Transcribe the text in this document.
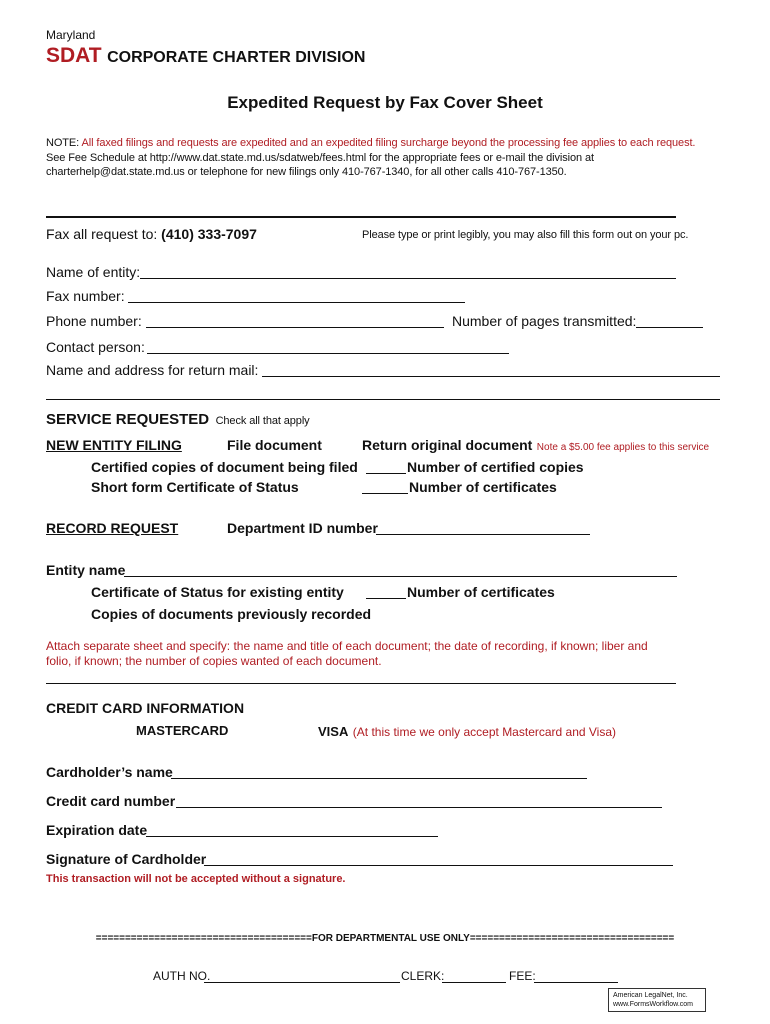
Maryland
SDAT CORPORATE CHARTER DIVISION
Expedited Request by Fax Cover Sheet
NOTE: All faxed filings and requests are expedited and an expedited filing surcharge beyond the processing fee applies to each request.
See Fee Schedule at http://www.dat.state.md.us/sdatweb/fees.html for the appropriate fees or e-mail the division at
charterhelp@dat.state.md.us or telephone for new filings only 410-767-1340, for all other calls 410-767-1350.
Fax all request to: (410) 333-7097	Please type or print legibly, you may also fill this form out on your pc.
Name of entity:
Fax number:
Phone number:	Number of pages transmitted:
Contact person:
Name and address for return mail:
SERVICE REQUESTED Check all that apply
NEW ENTITY FILING	File document	Return original document Note a $5.00 fee applies to this service
Certified copies of document being filed	Number of certified copies
Short form Certificate of Status	Number of certificates
RECORD REQUEST	Department ID number
Entity name
Certificate of Status for existing entity	Number of certificates
Copies of documents previously recorded
Attach separate sheet and specify: the name and title of each document; the date of recording, if known; liber and
folio, if known; the number of copies wanted of each document.
CREDIT CARD INFORMATION
MASTERCARD	VISA (At this time we only accept Mastercard and Visa)
Cardholder’s name
Credit card number
Expiration date
Signature of Cardholder
This transaction will not be accepted without a signature.
=====================================FOR DEPARTMENTAL USE ONLY===================================
AUTH NO.	CLERK:	FEE:
American LegalNet, Inc.
www.FormsWorkflow.com
